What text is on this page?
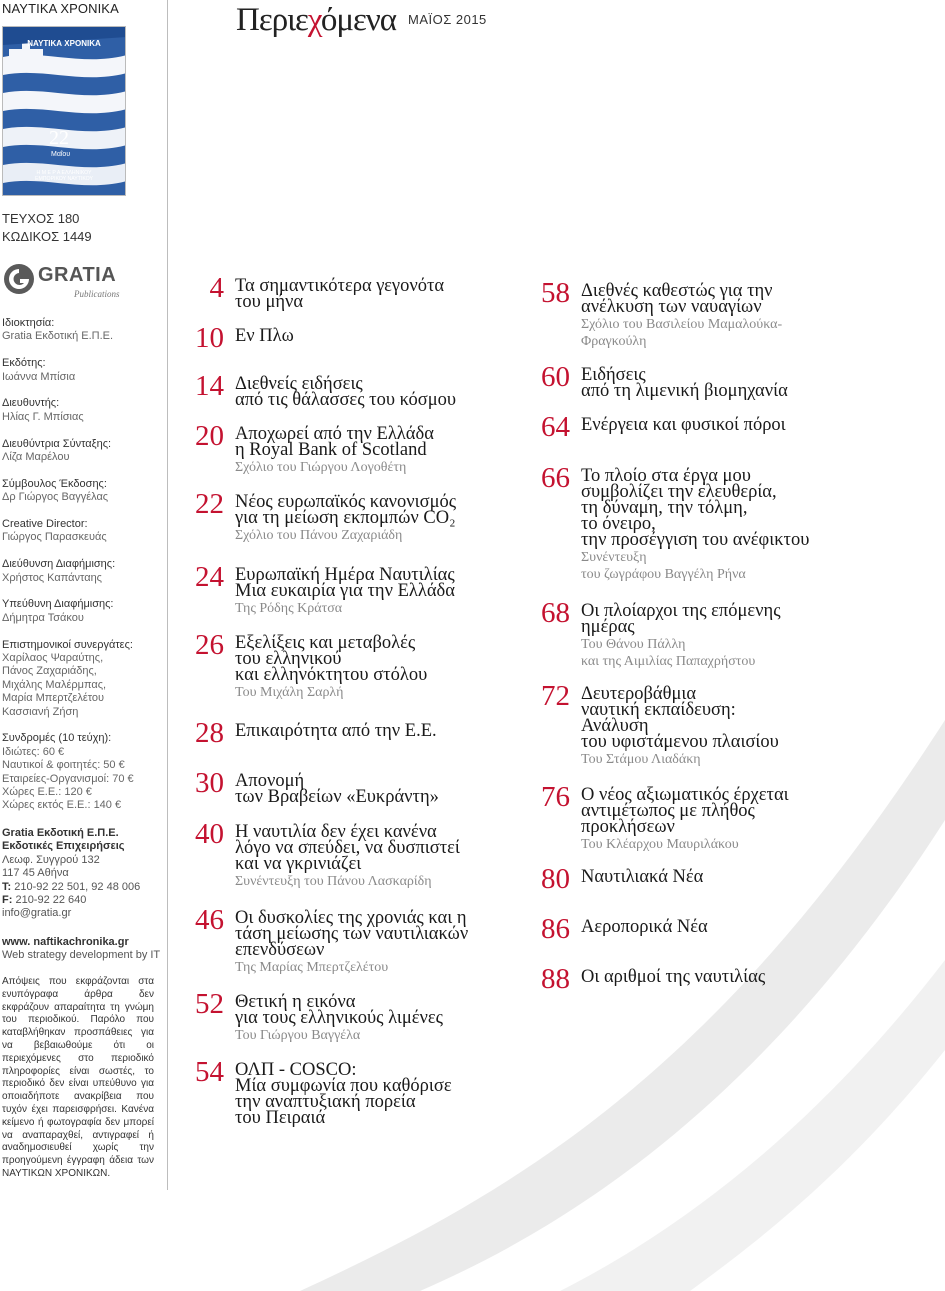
ΝΑΥΤΙΚΑ ΧΡΟΝΙΚΑ
ΝΑΥΤΙΚΑ ΧΡΟΝΙΚΑ
22
Μαΐου
Η Μ Ε Ρ Α ΕΛΛΗΝΙΚΟΥ ΕΜΠΟΡΙΚΟΥ ΝΑΥΤΙΚΟΥ
ΤΕΥΧΟΣ 180
ΚΩΔΙΚΟΣ 1449
GRATIA
Publications
Ιδιοκτησία:
Gratia Εκδοτική Ε.Π.Ε.
Εκδότης:
Ιωάννα Μπίσια
Διευθυντής:
Ηλίας Γ. Μπίσιας
Διευθύντρια Σύνταξης:
Λίζα Μαρέλου
Σύμβουλος Έκδοσης:
Δρ Γιώργος Βαγγέλας
Creative Director:
Γιώργος Παρασκευάς
Διεύθυνση Διαφήμισης:
Χρήστος Καπάνταης
Υπεύθυνη Διαφήμισης:
Δήμητρα Τσάκου
Επιστημονικοί συνεργάτες:
Χαρίλαος Ψαραύτης,
Πάνος Ζαχαριάδης,
Μιχάλης Μαλέρμπας,
Μαρία Μπερτζελέτου
Κασσιανή Ζήση
Συνδρομές (10 τεύχη):
Ιδιώτες: 60 €
Ναυτικοί & φοιτητές: 50 €
Εταιρείες-Οργανισμοί: 70 €
Χώρες Ε.Ε.: 120 €
Χώρες εκτός Ε.Ε.: 140 €
Gratia Εκδοτική Ε.Π.Ε.
Εκδοτικές Επιχειρήσεις
Λεωφ. Συγγρού 132
117 45 Αθήνα
T: 210-92 22 501, 92 48 006
F: 210-92 22 640
info@gratia.gr
www. naftikachronika.gr
Web strategy development by IT
Απόψεις που εκφράζονται στα ενυπόγραφα άρθρα δεν εκφράζουν απαραίτητα τη γνώμη του περιοδικού. Παρόλο που καταβλήθηκαν προσπάθειες για να βεβαιωθούμε ότι οι περιεχόμενες στο περιοδικό πληροφορίες είναι σωστές, το περιοδικό δεν είναι υπεύθυνο για οποιαδήποτε ανακρίβεια που τυχόν έχει παρεισφρήσει. Κανένα κείμενο ή φωτογραφία δεν μπορεί να αναπαραχθεί, αντιγραφεί ή αναδημοσιευθεί χωρίς την προηγούμενη έγγραφη άδεια των ΝΑΥΤΙΚΩΝ ΧΡΟΝΙΚΩΝ.
Περιεχόμενα ΜΑΪΟΣ 2015
4 Τα σημαντικότερα γεγονότα
του μήνα
10 Εν Πλω
14 Διεθνείς ειδήσεις
από τις θάλασσες του κόσμου
20 Αποχωρεί από την Ελλάδα
η Royal Bank of Scotland
Σχόλιο του Γιώργου Λογοθέτη
22 Νέος ευρωπαϊκός κανονισμός
για τη μείωση εκπομπών CO₂
Σχόλιο του Πάνου Ζαχαριάδη
24 Ευρωπαϊκή Ημέρα Ναυτιλίας
Μια ευκαιρία για την Ελλάδα
Της Ρόδης Κράτσα
26 Εξελίξεις και μεταβολές
του ελληνικού
και ελληνόκτητου στόλου
Του Μιχάλη Σαρλή
28 Επικαιρότητα από την Ε.Ε.
30 Απονομή
των Βραβείων «Ευκράντη»
40 Η ναυτιλία δεν έχει κανένα
λόγο να σπεύδει, να δυσπιστεί
και να γκρινιάζει
Συνέντευξη του Πάνου Λασκαρίδη
46 Οι δυσκολίες της χρονιάς και η
τάση μείωσης των ναυτιλιακών
επενδύσεων
Της Μαρίας Μπερτζελέτου
52 Θετική η εικόνα
για τους ελληνικούς λιμένες
Του Γιώργου Βαγγέλα
54 ΟΛΠ - COSCO:
Μία συμφωνία που καθόρισε
την αναπτυξιακή πορεία
του Πειραιά
58 Διεθνές καθεστώς για την
ανέλκυση των ναυαγίων
Σχόλιο του Βασιλείου Μαμαλούκα-
Φραγκούλη
60 Ειδήσεις
από τη λιμενική βιομηχανία
64 Ενέργεια και φυσικοί πόροι
66 Το πλοίο στα έργα μου
συμβολίζει την ελευθερία,
τη δύναμη, την τόλμη,
το όνειρο,
την προσέγγιση του ανέφικτου
Συνέντευξη
του ζωγράφου Βαγγέλη Ρήνα
68 Οι πλοίαρχοι της επόμενης
ημέρας
Του Θάνου Πάλλη
και της Αιμιλίας Παπαχρήστου
72 Δευτεροβάθμια
ναυτική εκπαίδευση:
Ανάλυση
του υφιστάμενου πλαισίου
Του Στάμου Λιαδάκη
76 Ο νέος αξιωματικός έρχεται
αντιμέτωπος με πλήθος
προκλήσεων
Του Κλέαρχου Μαυριλάκου
80 Ναυτιλιακά Νέα
86 Αεροπορικά Νέα
88 Οι αριθμοί της ναυτιλίας
